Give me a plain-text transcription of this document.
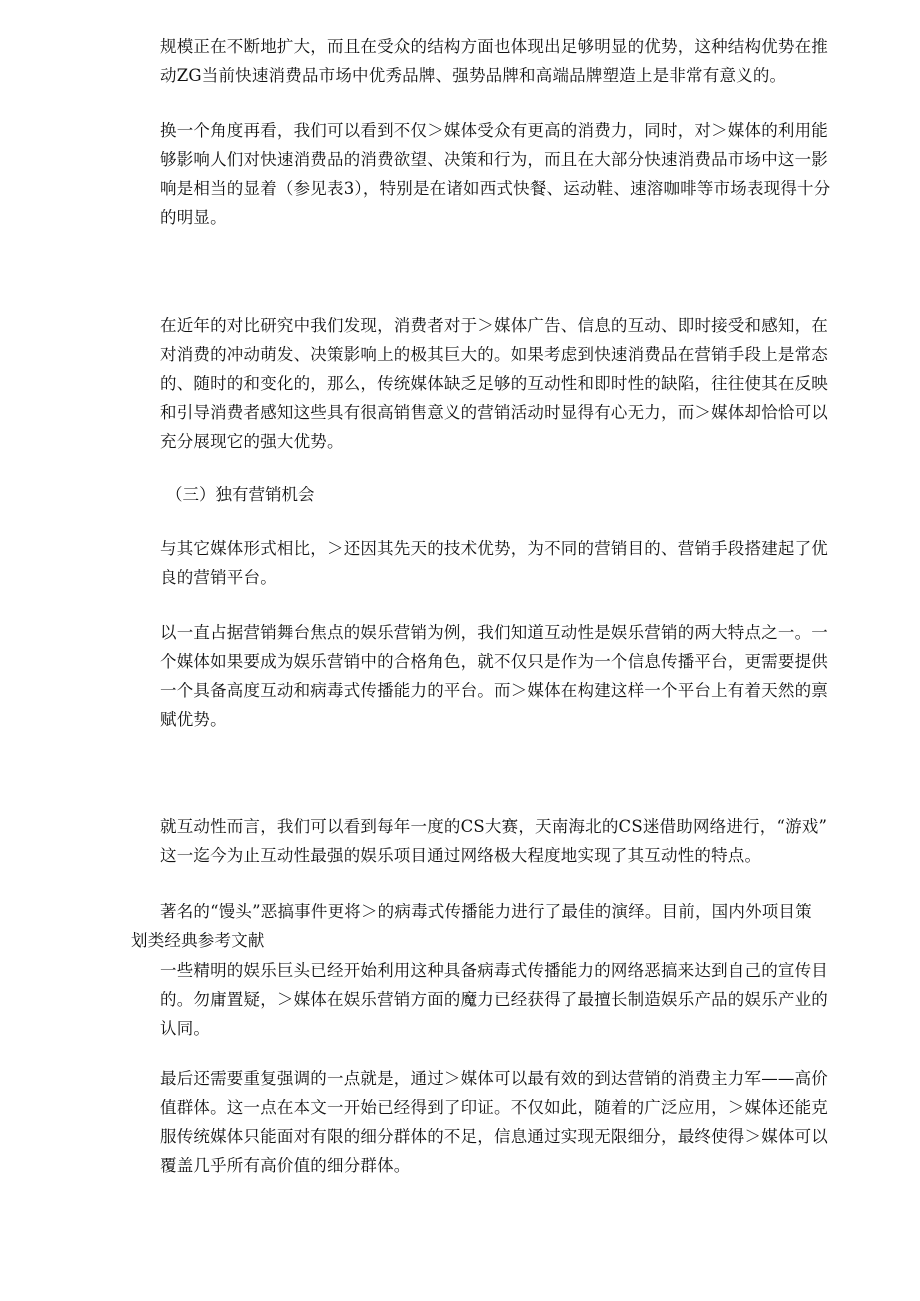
规模正在不断地扩大，而且在受众的结构方面也体现出足够明显的优势，这种结构优势在推
动ZG当前快速消费品市场中优秀品牌、强势品牌和高端品牌塑造上是非常有意义的。
换一个角度再看，我们可以看到不仅＞媒体受众有更高的消费力，同时，对＞媒体的利用能
够影响人们对快速消费品的消费欲望、决策和行为，而且在大部分快速消费品市场中这一影
响是相当的显着（参见表3），特别是在诸如西式快餐、运动鞋、速溶咖啡等市场表现得十分
的明显。
在近年的对比研究中我们发现，消费者对于＞媒体广告、信息的互动、即时接受和感知，在
对消费的冲动萌发、决策影响上的极其巨大的。如果考虑到快速消费品在营销手段上是常态
的、随时的和变化的，那么，传统媒体缺乏足够的互动性和即时性的缺陷，往往使其在反映
和引导消费者感知这些具有很高销售意义的营销活动时显得有心无力，而＞媒体却恰恰可以
充分展现它的强大优势。
（三）独有营销机会
与其它媒体形式相比，＞还因其先天的技术优势，为不同的营销目的、营销手段搭建起了优
良的营销平台。
以一直占据营销舞台焦点的娱乐营销为例，我们知道互动性是娱乐营销的两大特点之一。一
个媒体如果要成为娱乐营销中的合格角色，就不仅只是作为一个信息传播平台，更需要提供
一个具备高度互动和病毒式传播能力的平台。而＞媒体在构建这样一个平台上有着天然的禀
赋优势。
就互动性而言，我们可以看到每年一度的CS大赛，天南海北的CS迷借助网络进行，“游戏”
这一迄今为止互动性最强的娱乐项目通过网络极大程度地实现了其互动性的特点。
著名的“馒头”恶搞事件更将＞的病毒式传播能力进行了最佳的演绎。目前，国内外项目策
划类经典参考文献
一些精明的娱乐巨头已经开始利用这种具备病毒式传播能力的网络恶搞来达到自己的宣传目
的。勿庸置疑，＞媒体在娱乐营销方面的魔力已经获得了最擅长制造娱乐产品的娱乐产业的
认同。
最后还需要重复强调的一点就是，通过＞媒体可以最有效的到达营销的消费主力军——高价
值群体。这一点在本文一开始已经得到了印证。不仅如此，随着的广泛应用，＞媒体还能克
服传统媒体只能面对有限的细分群体的不足，信息通过实现无限细分，最终使得＞媒体可以
覆盖几乎所有高价值的细分群体。
